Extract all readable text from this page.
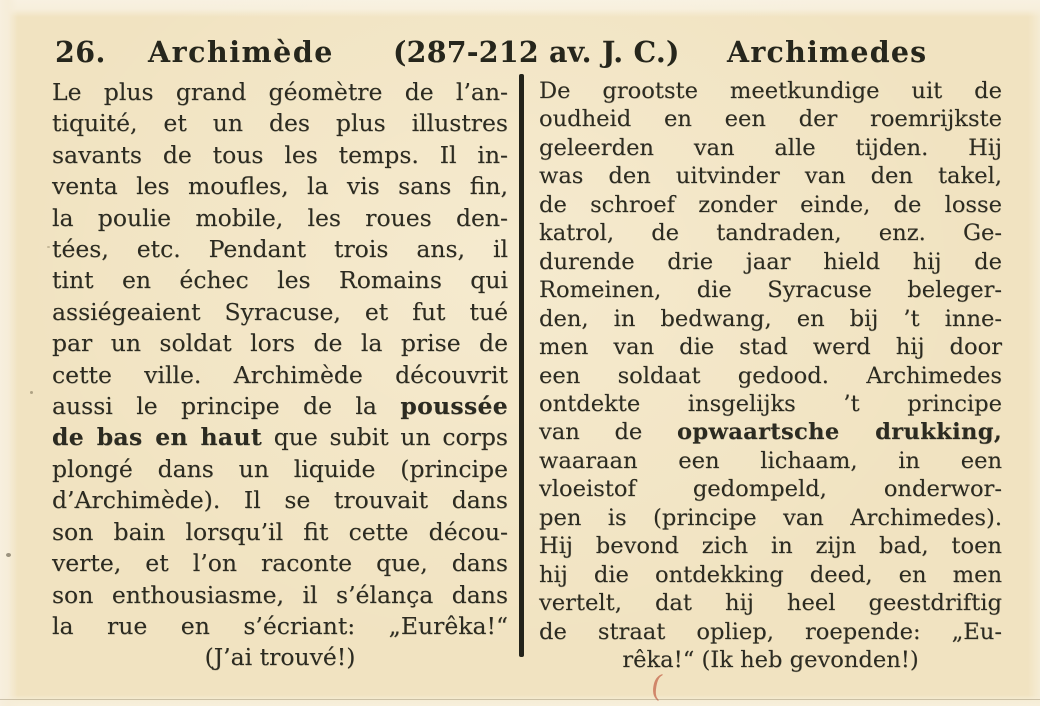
26. Archimède (287-212 av. J. C.) Archimedes
Le plus grand géomètre de l’an-
tiquité, et un des plus illustres
savants de tous les temps. Il in-
venta les moufles, la vis sans fin,
la poulie mobile, les roues den-
tées, etc. Pendant trois ans, il
tint en échec les Romains qui
assiégeaient Syracuse, et fut tué
par un soldat lors de la prise de
cette ville. Archimède découvrit
aussi le principe de la poussée
de bas en haut que subit un corps
plongé dans un liquide (principe
d’Archimède). Il se trouvait dans
son bain lorsqu’il fit cette décou-
verte, et l’on raconte que, dans
son enthousiasme, il s’élança dans
la rue en s’écriant: „Eurêka!“
(J’ai trouvé!)
De grootste meetkundige uit de
oudheid en een der roemrijkste
geleerden van alle tijden. Hij
was den uitvinder van den takel,
de schroef zonder einde, de losse
katrol, de tandraden, enz. Ge-
durende drie jaar hield hij de
Romeinen, die Syracuse beleger-
den, in bedwang, en bij ’t inne-
men van die stad werd hij door
een soldaat gedood. Archimedes
ontdekte insgelijks ’t principe
van de opwaartsche drukking,
waaraan een lichaam, in een
vloeistof gedompeld, onderwor-
pen is (principe van Archimedes).
Hij bevond zich in zijn bad, toen
hij die ontdekking deed, en men
vertelt, dat hij heel geestdriftig
de straat opliep, roepende: „Eu-
rêka!“ (Ik heb gevonden!)
(
